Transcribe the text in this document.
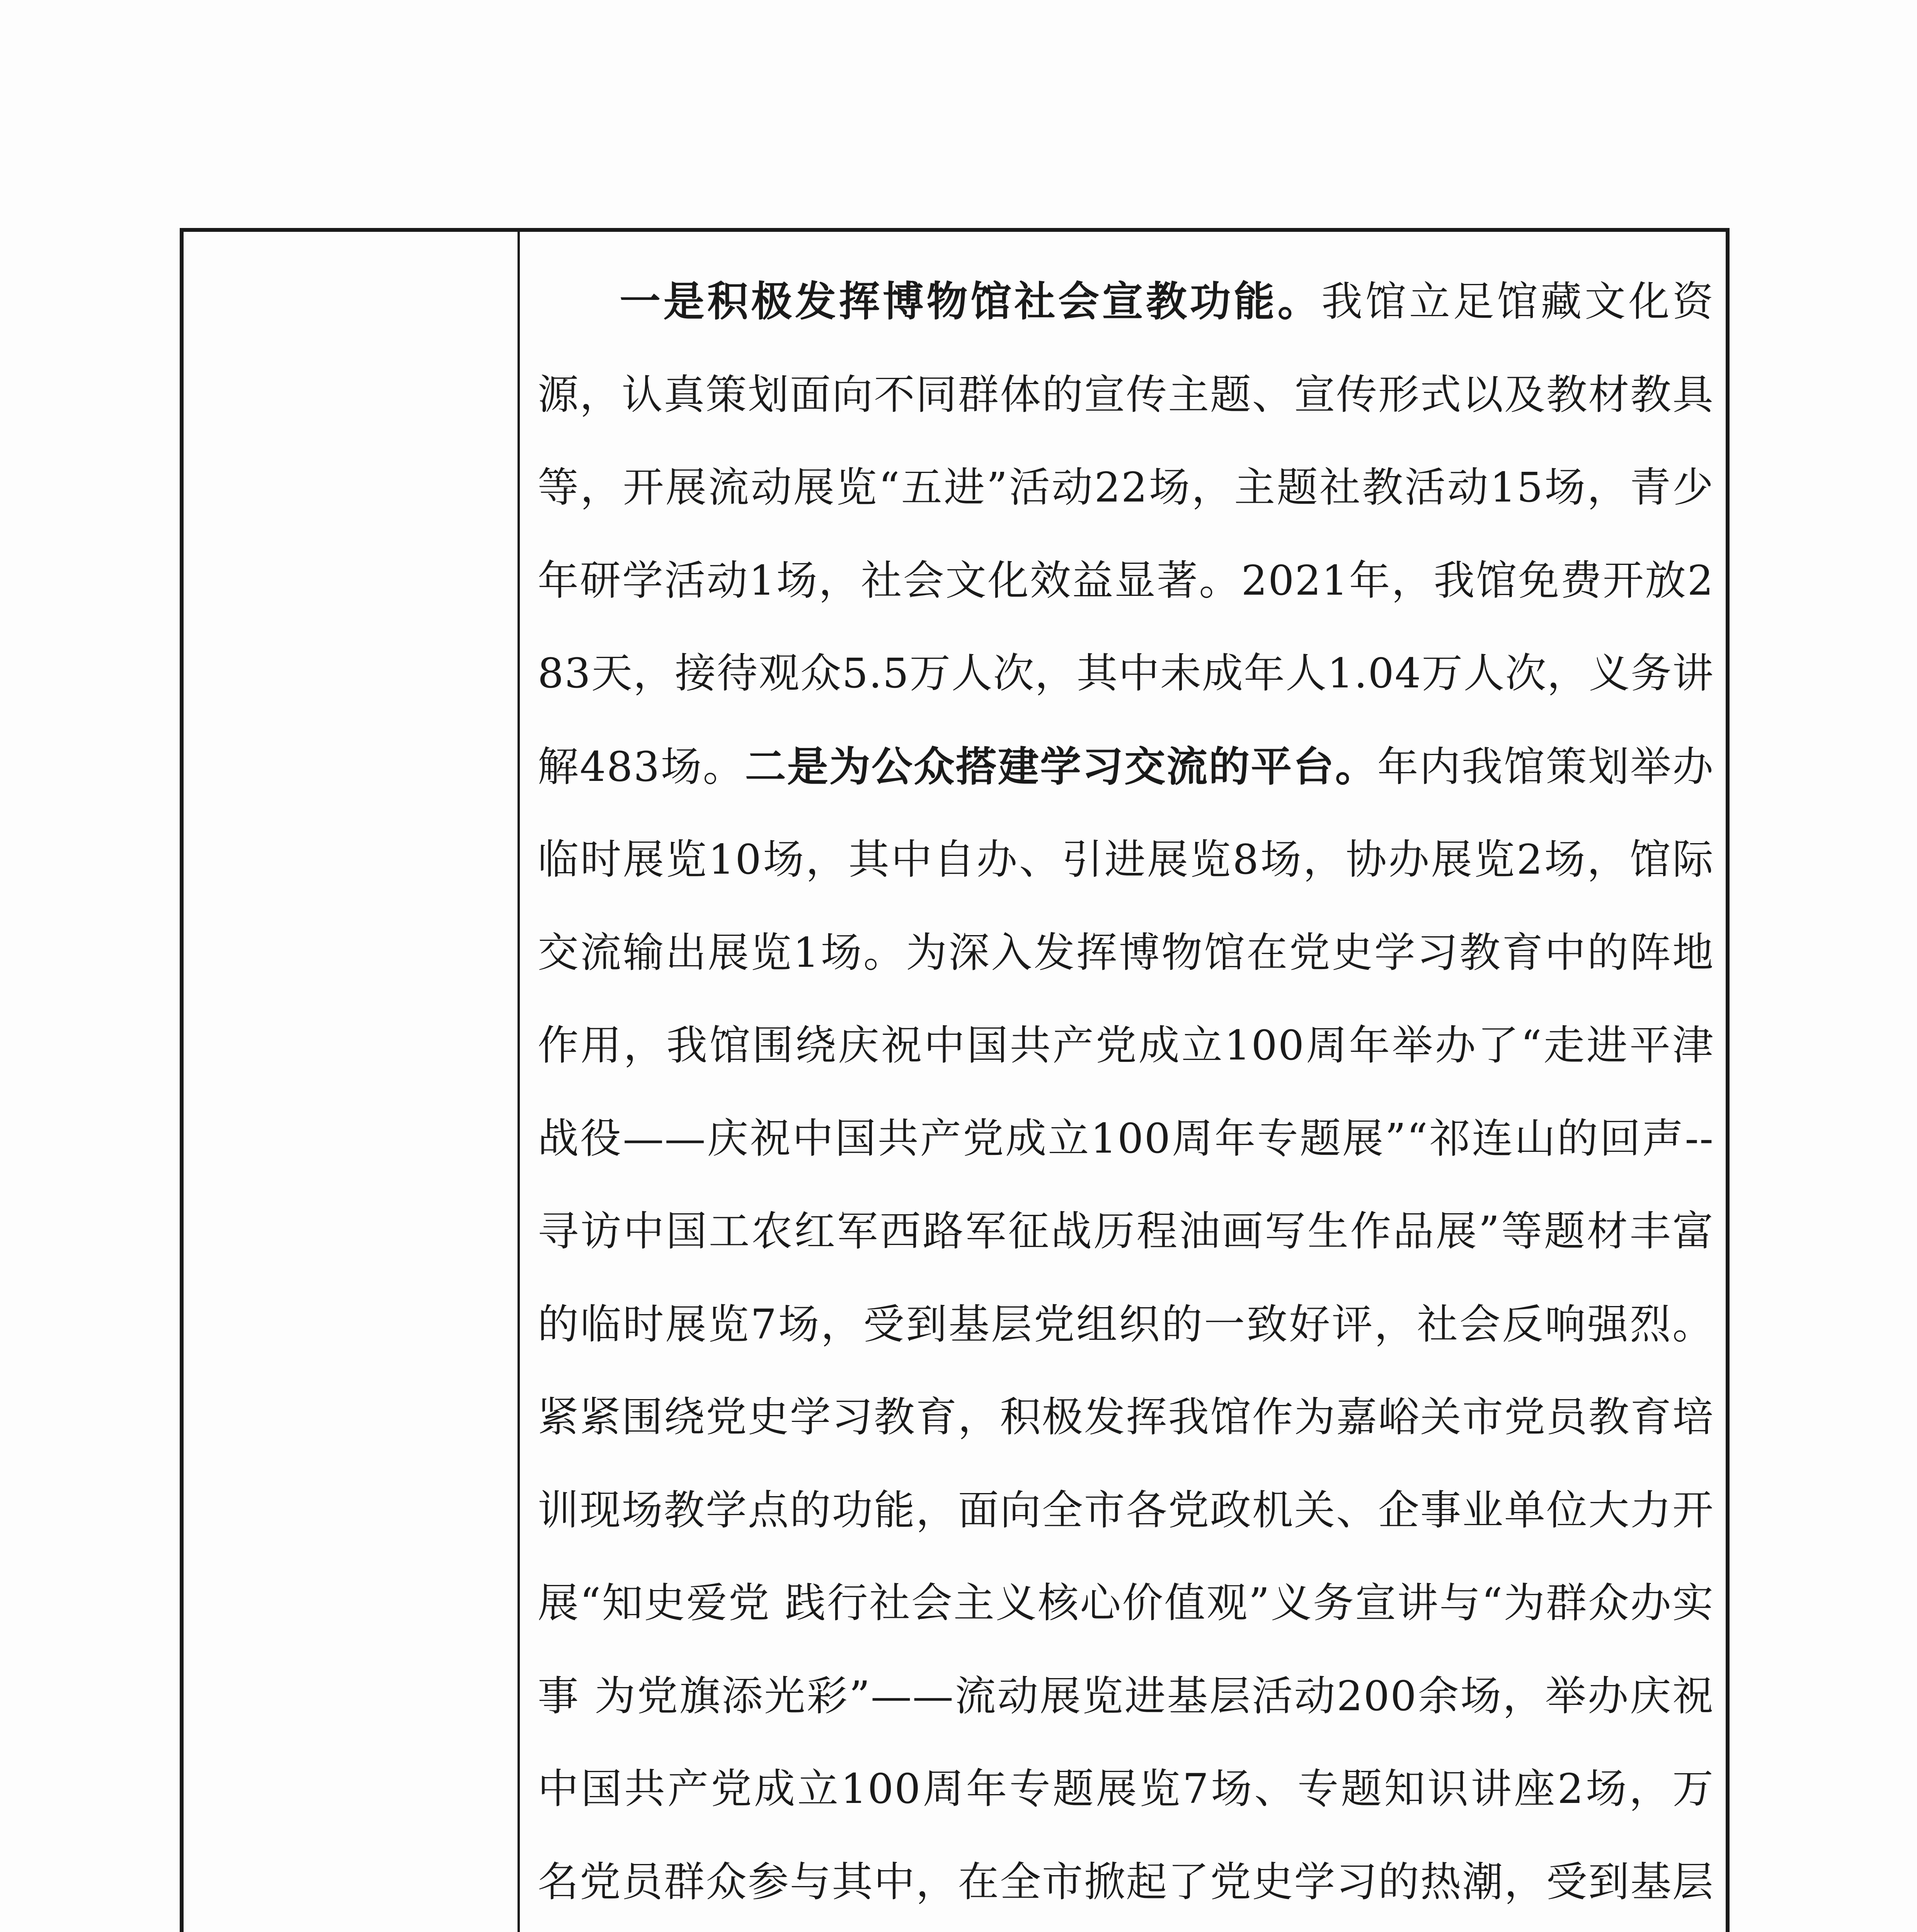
一是积极发挥博物馆社会宣教功能。我馆立足馆藏文化资源，认真策划面向不同群体的宣传主题、宣传形式以及教材教具等，开展流动展览“五进”活动22场，主题社教活动15场，青少年研学活动1场，社会文化效益显著。2021年，我馆免费开放283天，接待观众5.5万人次，其中未成年人1.04万人次，义务讲解483场。二是为公众搭建学习交流的平台。年内我馆策划举办临时展览10场，其中自办、引进展览8场，协办展览2场，馆际交流输出展览1场。为深入发挥博物馆在党史学习教育中的阵地作用，我馆围绕庆祝中国共产党成立100周年举办了“走进平津战役——庆祝中国共产党成立100周年专题展”“祁连山的回声--寻访中国工农红军西路军征战历程油画写生作品展”等题材丰富的临时展览7场，受到基层党组织的一致好评，社会反响强烈。紧紧围绕党史学习教育，积极发挥我馆作为嘉峪关市党员教育培训现场教学点的功能，面向全市各党政机关、企事业单位大力开展“知史爱党 践行社会主义核心价值观”义务宣讲与“为群众办实事 为党旗添光彩”——流动展览进基层活动200余场，举办庆祝中国共产党成立100周年专题展览7场、专题知识讲座2场，万名党员群众参与其中，在全市掀起了党史学习的热潮，受到基层
